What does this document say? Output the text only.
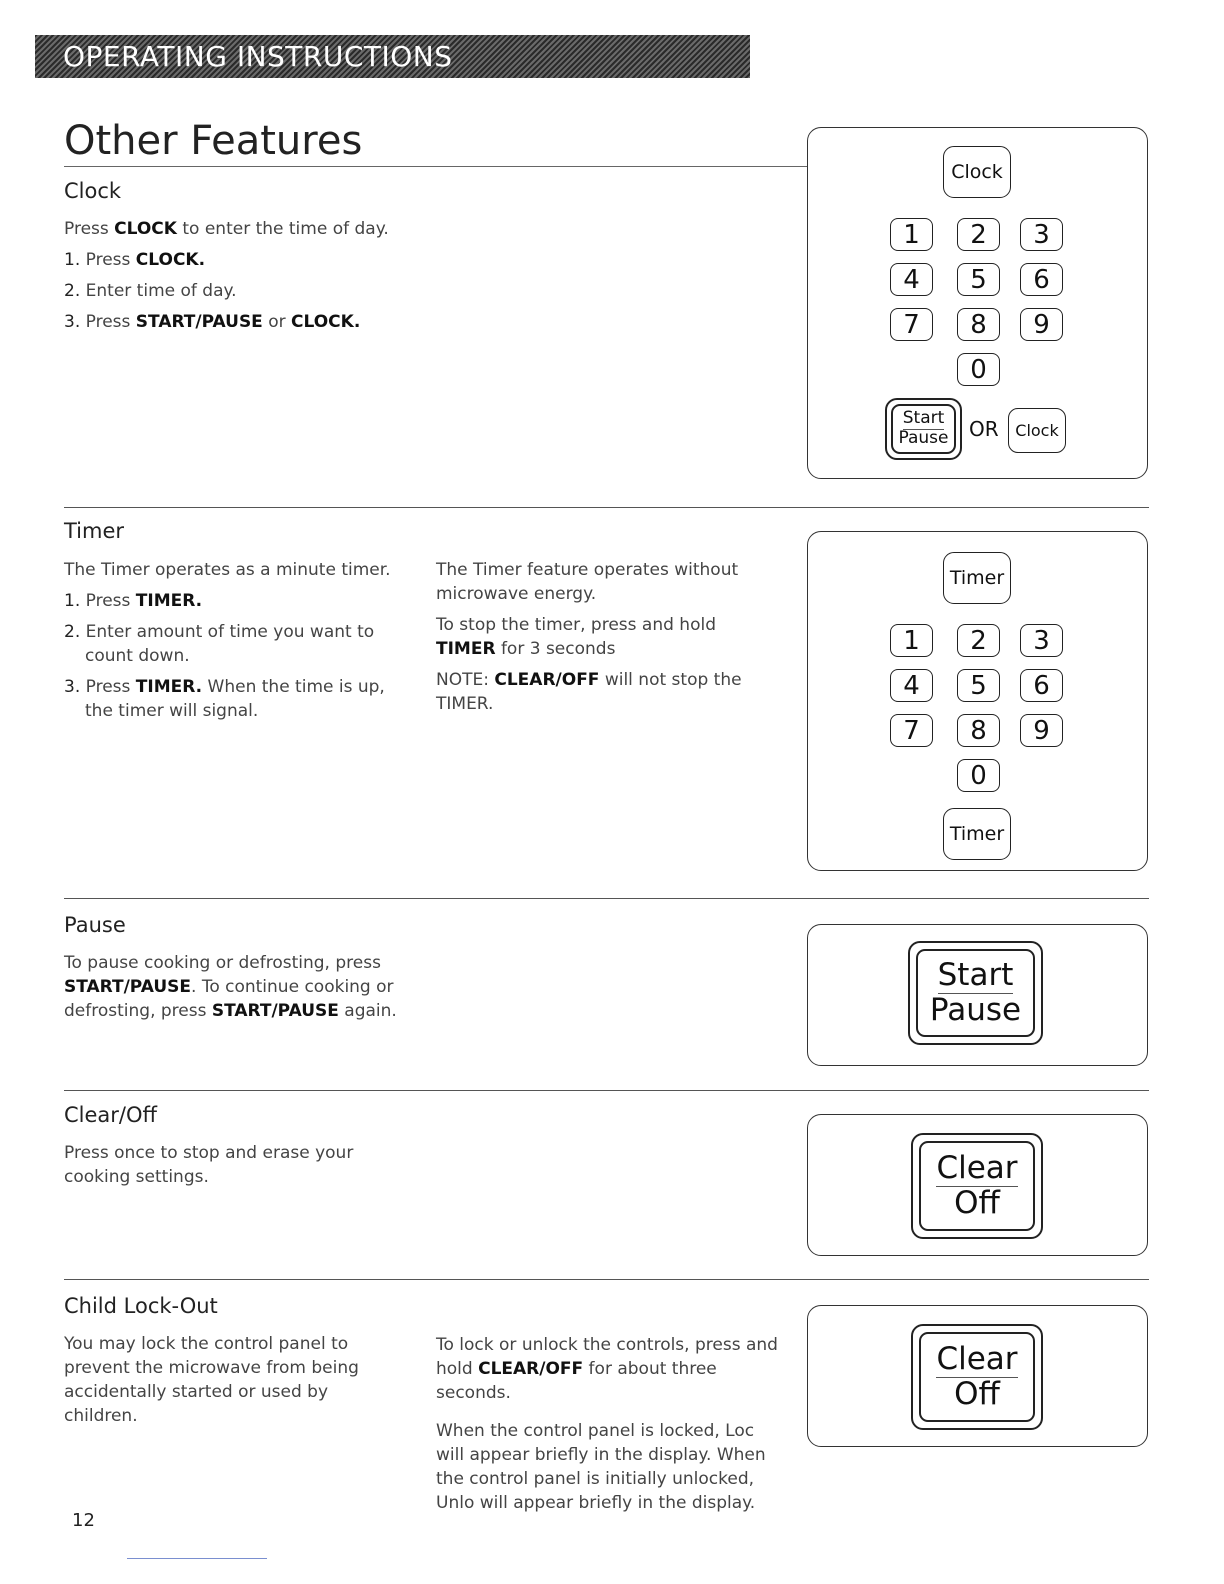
OPERATING INSTRUCTIONS
Other Features
Clock

Press CLOCK to enter the time of day.

1. Press CLOCK.
2. Enter time of day.
3. Press START/PAUSE or CLOCK.
Clock
1	2	3
4	5	6
7	8	9
0
Start
Pause OR	Clock
Timer

The Timer operates as a minute timer.

1. Press TIMER.
2. Enter amount of time you want to count down.
3. Press TIMER. When the time is up, the timer will signal.

The Timer feature operates without microwave energy.

To stop the timer, press and hold TIMER for 3 seconds

NOTE: CLEAR/OFF will not stop the TIMER.

Timer
1	2	3
4	5	6
7	8	9
0
Timer
Pause

To pause cooking or defrosting, press START/PAUSE. To continue cooking or defrosting, press START/PAUSE again.

Start
Pause
Clear/Off

Press once to stop and erase your cooking settings.	Clear
Off
Child Lock-Out

You may lock the control panel to prevent the microwave from being accidentally started or used by children.

To lock or unlock the controls, press and hold CLEAR/OFF for about three seconds.

When the control panel is locked, Loc will appear briefly in the display. When the control panel is initially unlocked, Unlo will appear briefly in the display.

Clear
Off
12
